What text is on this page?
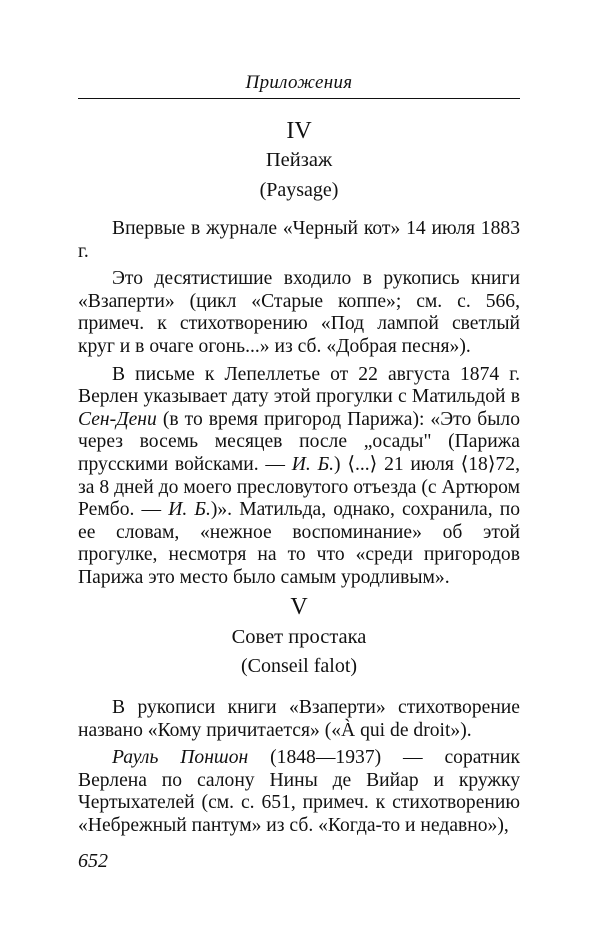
Приложения
IV
Пейзаж
(Paysage)

Впервые в журнале «Черный кот» 14 июля 1883 г.

Это десятистишие входило в рукопись книги «Взаперти» (цикл «Старые коппе»; см. с. 566, примеч. к стихотворению «Под лампой светлый круг и в очаге огонь...» из сб. «Добрая песня»).

В письме к Лепеллетье от 22 августа 1874 г. Верлен указывает дату этой прогулки с Матильдой в Сен-Дени (в то время пригород Парижа): «Это было через восемь месяцев после „осады" (Парижа прусскими войсками. — И. Б.) ⟨...⟩ 21 июля ⟨18⟩72, за 8 дней до моего пресловутого отъезда (с Артюром Рембо. — И. Б.)». Матильда, однако, сохранила, по ее словам, «нежное воспоминание» об этой прогулке, несмотря на то что «среди пригородов Парижа это место было самым уродливым».

V
Совет простака
(Conseil falot)

В рукописи книги «Взаперти» стихотворение названо «Кому причитается» («À qui de droit»).

Рауль Поншон (1848—1937) — соратник Верлена по салону Нины де Вийар и кружку Чертыхателей (см. с. 651, примеч. к стихотворению «Небрежный пантум» из сб. «Когда-то и недавно»),

652
